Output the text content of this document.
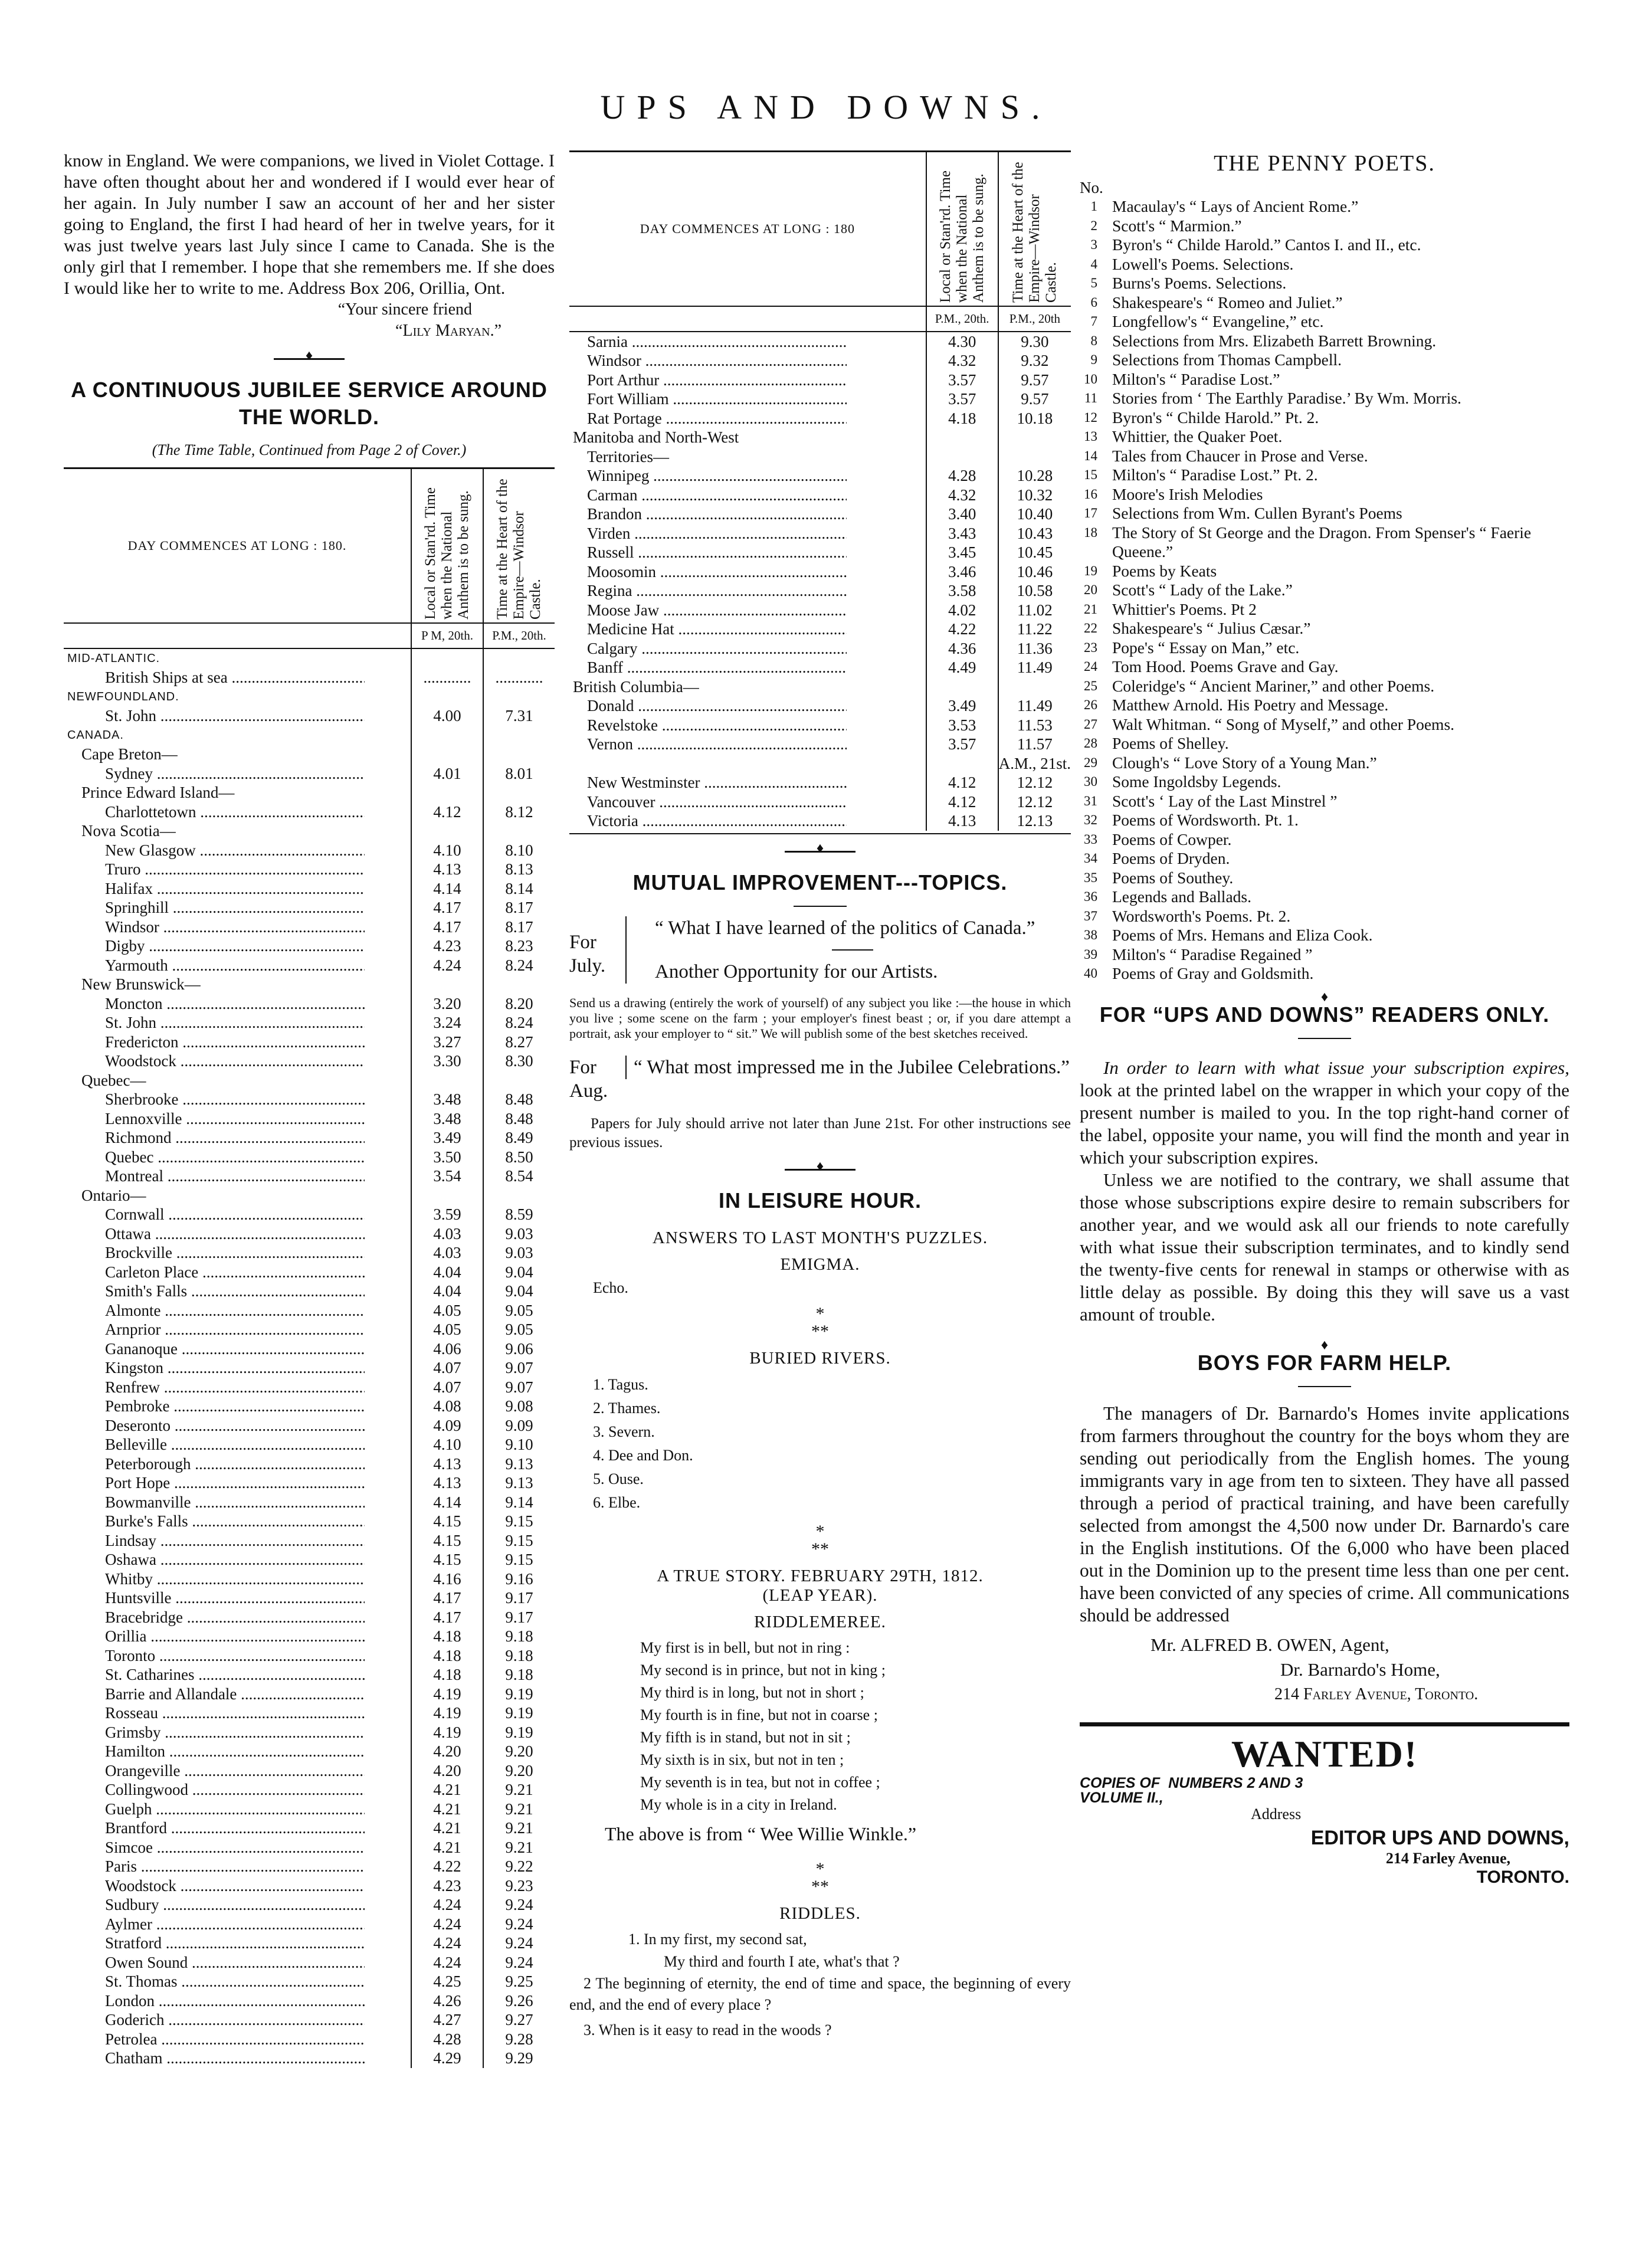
UPS AND DOWNS.
know in England. We were companions, we lived in Violet Cottage. I have often thought about her and wondered if I would ever hear of her again. In July number I saw an account of her and her sister going to England, the first I had heard of her in twelve years, for it was just twelve years last July since I came to Canada. She is the only girl that I remember. I hope that she remembers me. If she does I would like her to write to me. Address Box 206, Orillia, Ont.
“Your sincere friend
“Lily Maryan.”
♦
A CONTINUOUS JUBILEE SERVICE AROUND THE WORLD.
(The Time Table, Continued from Page 2 of Cover.)
DAY COMMENCES AT LONG : 180.	Local or Stan'rd. Time when the National Anthem is to be sung.	Time at the Heart of the Empire—Windsor Castle.

	P M, 20th.	P.M., 20th.

MID-ATLANTIC.		

British Ships at sea .....	............	............

NEWFOUNDLAND.		

St. John .....	4.00	7.31

CANADA.		

Cape Breton—		

Sydney .....	4.01	8.01

Prince Edward Island—		

Charlottetown .....	4.12	8.12

Nova Scotia—		

New Glasgow .....	4.10	8.10

Truro .....	4.13	8.13

Halifax .....	4.14	8.14

Springhill .....	4.17	8.17

Windsor .....	4.17	8.17

Digby .....	4.23	8.23

Yarmouth .....	4.24	8.24

New Brunswick—		

Moncton .....	3.20	8.20

St. John .....	3.24	8.24

Fredericton .....	3.27	8.27

Woodstock .....	3.30	8.30

Quebec—		

Sherbrooke .....	3.48	8.48

Lennoxville .....	3.48	8.48

Richmond .....	3.49	8.49

Quebec .....	3.50	8.50

Montreal .....	3.54	8.54

Ontario—		

Cornwall .....	3.59	8.59

Ottawa .....	4.03	9.03

Brockville .....	4.03	9.03

Carleton Place .....	4.04	9.04

Smith's Falls .....	4.04	9.04

Almonte .....	4.05	9.05

Arnprior .....	4.05	9.05

Gananoque .....	4.06	9.06

Kingston .....	4.07	9.07

Renfrew .....	4.07	9.07

Pembroke .....	4.08	9.08

Deseronto .....	4.09	9.09

Belleville .....	4.10	9.10

Peterborough .....	4.13	9.13

Port Hope .....	4.13	9.13

Bowmanville .....	4.14	9.14

Burke's Falls .....	4.15	9.15

Lindsay .....	4.15	9.15

Oshawa .....	4.15	9.15

Whitby .....	4.16	9.16

Huntsville .....	4.17	9.17

Bracebridge .....	4.17	9.17

Orillia .....	4.18	9.18

Toronto .....	4.18	9.18

St. Catharines .....	4.18	9.18

Barrie and Allandale .....	4.19	9.19

Rosseau .....	4.19	9.19

Grimsby .....	4.19	9.19

Hamilton .....	4.20	9.20

Orangeville .....	4.20	9.20

Collingwood .....	4.21	9.21

Guelph .....	4.21	9.21

Brantford .....	4.21	9.21

Simcoe .....	4.21	9.21

Paris .....	4.22	9.22

Woodstock .....	4.23	9.23

Sudbury .....	4.24	9.24

Aylmer .....	4.24	9.24

Stratford .....	4.24	9.24

Owen Sound .....	4.24	9.24

St. Thomas .....	4.25	9.25

London .....	4.26	9.26

Goderich .....	4.27	9.27

Petrolea .....	4.28	9.28

Chatham .....	4.29	9.29
DAY COMMENCES AT LONG : 180	Local or Stan'rd. Time when the National Anthem is to be sung.	Time at the Heart of the Empire—Windsor Castle.

	P.M., 20th.	P.M., 20th

Sarnia .....	4.30	9.30

Windsor .....	4.32	9.32

Port Arthur .....	3.57	9.57

Fort William .....	3.57	9.57

Rat Portage .....	4.18	10.18

Manitoba and North-West		

Territories—		

Winnipeg .....	4.28	10.28

Carman .....	4.32	10.32

Brandon .....	3.40	10.40

Virden .....	3.43	10.43

Russell .....	3.45	10.45

Moosomin .....	3.46	10.46

Regina .....	3.58	10.58

Moose Jaw .....	4.02	11.02

Medicine Hat .....	4.22	11.22

Calgary .....	4.36	11.36

Banff .....	4.49	11.49

British Columbia—		

Donald .....	3.49	11.49

Revelstoke .....	3.53	11.53

Vernon .....	3.57	11.57

		A.M., 21st.

New Westminster .....	4.12	12.12

Vancouver .....	4.12	12.12

Victoria .....	4.13	12.13
♦
MUTUAL IMPROVEMENT---TOPICS.
For
July.
“ What I have learned of the politics of Canada.”
Another Opportunity for our Artists.
Send us a drawing (entirely the work of yourself) of any subject you like :—the house in which you live ; some scene on the farm ; your employer's finest beast ; or, if you dare attempt a portrait, ask your employer to “ sit.” We will publish some of the best sketches received.
For
Aug.
“ What most impressed me in the Jubilee Celebrations.”
Papers for July should arrive not later than June 21st. For other instructions see previous issues.
♦
IN LEISURE HOUR.
ANSWERS TO LAST MONTH'S PUZZLES.
EMIGMA.
Echo.
*
**
BURIED RIVERS.
1. Tagus.
2. Thames.
3. Severn.
4. Dee and Don.
5. Ouse.
6. Elbe.
*
**
A TRUE STORY. FEBRUARY 29TH, 1812.
(LEAP YEAR).
RIDDLEMEREE.
My first is in bell, but not in ring :
My second is in prince, but not in king ;
My third is in long, but not in short ;
My fourth is in fine, but not in coarse ;
My fifth is in stand, but not in sit ;
My sixth is in six, but not in ten ;
My seventh is in tea, but not in coffee ;
My whole is in a city in Ireland.
The above is from “ Wee Willie Winkle.”
*
**
RIDDLES.
1. In my first, my second sat,
My third and fourth I ate, what's that ?
2 The beginning of eternity, the end of time and space, the beginning of every end, and the end of every place ?
3. When is it easy to read in the woods ?
THE PENNY POETS.
No.
1 Macaulay's “ Lays of Ancient Rome.”
2 Scott's “ Marmion.”
3 Byron's “ Childe Harold.” Cantos I. and II., etc.
4 Lowell's Poems. Selections.
5 Burns's Poems. Selections.
6 Shakespeare's “ Romeo and Juliet.”
7 Longfellow's “ Evangeline,” etc.
8 Selections from Mrs. Elizabeth Barrett Browning.
9 Selections from Thomas Campbell.
10 Milton's “ Paradise Lost.”
11 Stories from ‘ The Earthly Paradise.’ By Wm. Morris.
12 Byron's “ Childe Harold.” Pt. 2.
13 Whittier, the Quaker Poet.
14 Tales from Chaucer in Prose and Verse.
15 Milton's “ Paradise Lost.” Pt. 2.
16 Moore's Irish Melodies
17 Selections from Wm. Cullen Byrant's Poems
18 The Story of St George and the Dragon. From Spenser's “ Faerie Queene.”
19 Poems by Keats
20 Scott's “ Lady of the Lake.”
21 Whittier's Poems. Pt 2
22 Shakespeare's “ Julius Cæsar.”
23 Pope's “ Essay on Man,” etc.
24 Tom Hood. Poems Grave and Gay.
25 Coleridge's “ Ancient Mariner,” and other Poems.
26 Matthew Arnold. His Poetry and Message.
27 Walt Whitman. “ Song of Myself,” and other Poems.
28 Poems of Shelley.
29 Clough's “ Love Story of a Young Man.”
30 Some Ingoldsby Legends.
31 Scott's ‘ Lay of the Last Minstrel ”
32 Poems of Wordsworth. Pt. 1.
33 Poems of Cowper.
34 Poems of Dryden.
35 Poems of Southey.
36 Legends and Ballads.
37 Wordsworth's Poems. Pt. 2.
38 Poems of Mrs. Hemans and Eliza Cook.
39 Milton's “ Paradise Regained ”
40 Poems of Gray and Goldsmith.
FOR “UPS AND DOWNS” READERS ONLY.
In order to learn with what issue your subscription expires, look at the printed label on the wrapper in which your copy of the present number is mailed to you. In the top right-hand corner of the label, opposite your name, you will find the month and year in which your subscription expires.
Unless we are notified to the contrary, we shall assume that those whose subscriptions expire desire to remain subscribers for another year, and we would ask all our friends to note carefully with what issue their subscription terminates, and to kindly send the twenty-five cents for renewal in stamps or otherwise with as little delay as possible. By doing this they will save us a vast amount of trouble.
BOYS FOR FARM HELP.
The managers of Dr. Barnardo's Homes invite applications from farmers throughout the country for the boys whom they are sending out periodically from the English homes. The young immigrants vary in age from ten to sixteen. They have all passed through a period of practical training, and have been carefully selected from amongst the 4,500 now under Dr. Barnardo's care in the English institutions. Of the 6,000 who have been placed out in the Dominion up to the present time less than one per cent. have been convicted of any species of crime. All communications should be addressed
Mr. ALFRED B. OWEN, Agent,
Dr. Barnardo's Home,
214 Farley Avenue, Toronto.
WANTED!
COPIES OF NUMBERS 2 AND 3
VOLUME II.,
Address
EDITOR UPS AND DOWNS,
214 Farley Avenue,
TORONTO.
